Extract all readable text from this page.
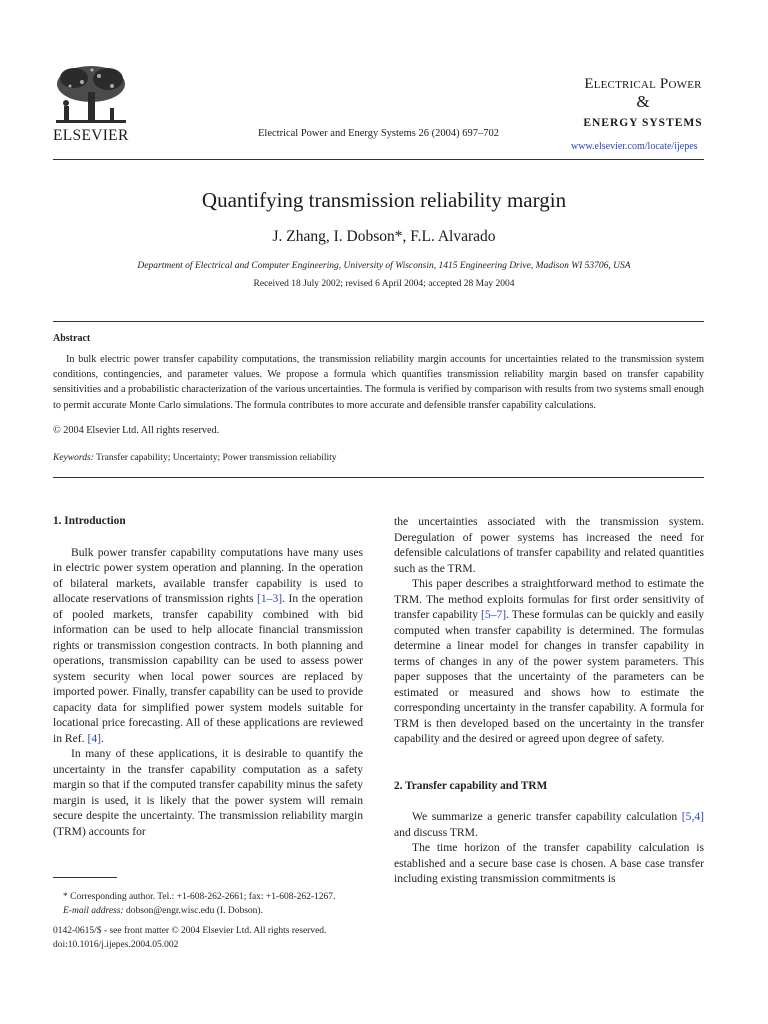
ELSEVIER	Electrical Power and Energy Systems 26 (2004) 697–702
Electrical Power
&
ENERGY SYSTEMS
www.elsevier.com/locate/ijepes
Quantifying transmission reliability margin
J. Zhang, I. Dobson*, F.L. Alvarado
Department of Electrical and Computer Engineering, University of Wisconsin, 1415 Engineering Drive, Madison WI 53706, USA
Received 18 July 2002; revised 6 April 2004; accepted 28 May 2004
Abstract
In bulk electric power transfer capability computations, the transmission reliability margin accounts for uncertainties related to the transmission system conditions, contingencies, and parameter values. We propose a formula which quantifies transmission reliability margin based on transfer capability sensitivities and a probabilistic characterization of the various uncertainties. The formula is verified by comparison with results from two systems small enough to permit accurate Monte Carlo simulations. The formula contributes to more accurate and defensible transfer capability calculations.
© 2004 Elsevier Ltd. All rights reserved.
Keywords: Transfer capability; Uncertainty; Power transmission reliability
1. Introduction

Bulk power transfer capability computations have many uses in electric power system operation and planning. In the operation of bilateral markets, available transfer capability is used to allocate reservations of transmission rights [1–3]. In the operation of pooled markets, transfer capability combined with bid information can be used to help allocate financial transmission rights or transmission congestion contracts. In both planning and operations, transmission capability can be used to assess power system security when local power sources are replaced by imported power. Finally, transfer capability can be used to provide capacity data for simplified power system models suitable for locational price forecasting. All of these applications are reviewed in Ref. [4].

In many of these applications, it is desirable to quantify the uncertainty in the transfer capability computation as a safety margin so that if the computed transfer capability minus the safety margin is used, it is likely that the power system will remain secure despite the uncertainty. The transmission reliability margin (TRM) accounts for

the uncertainties associated with the transmission system. Deregulation of power systems has increased the need for defensible calculations of transfer capability and related quantities such as the TRM.

This paper describes a straightforward method to estimate the TRM. The method exploits formulas for first order sensitivity of transfer capability [5–7]. These formulas can be quickly and easily computed when transfer capability is determined. The formulas determine a linear model for changes in transfer capability in terms of changes in any of the power system parameters. This paper supposes that the uncertainty of the parameters can be estimated or measured and shows how to estimate the corresponding uncertainty in the transfer capability. A formula for TRM is then developed based on the uncertainty in the transfer capability and the desired or agreed upon degree of safety.

2. Transfer capability and TRM

We summarize a generic transfer capability calculation [5,4] and discuss TRM.

The time horizon of the transfer capability calculation is established and a secure base case is chosen. A base case transfer including existing transmission commitments is

* Corresponding author. Tel.: +1-608-262-2661; fax: +1-608-262-1267.
E-mail address: dobson@engr.wisc.edu (I. Dobson).
0142-0615/$ - see front matter © 2004 Elsevier Ltd. All rights reserved.
doi:10.1016/j.ijepes.2004.05.002
